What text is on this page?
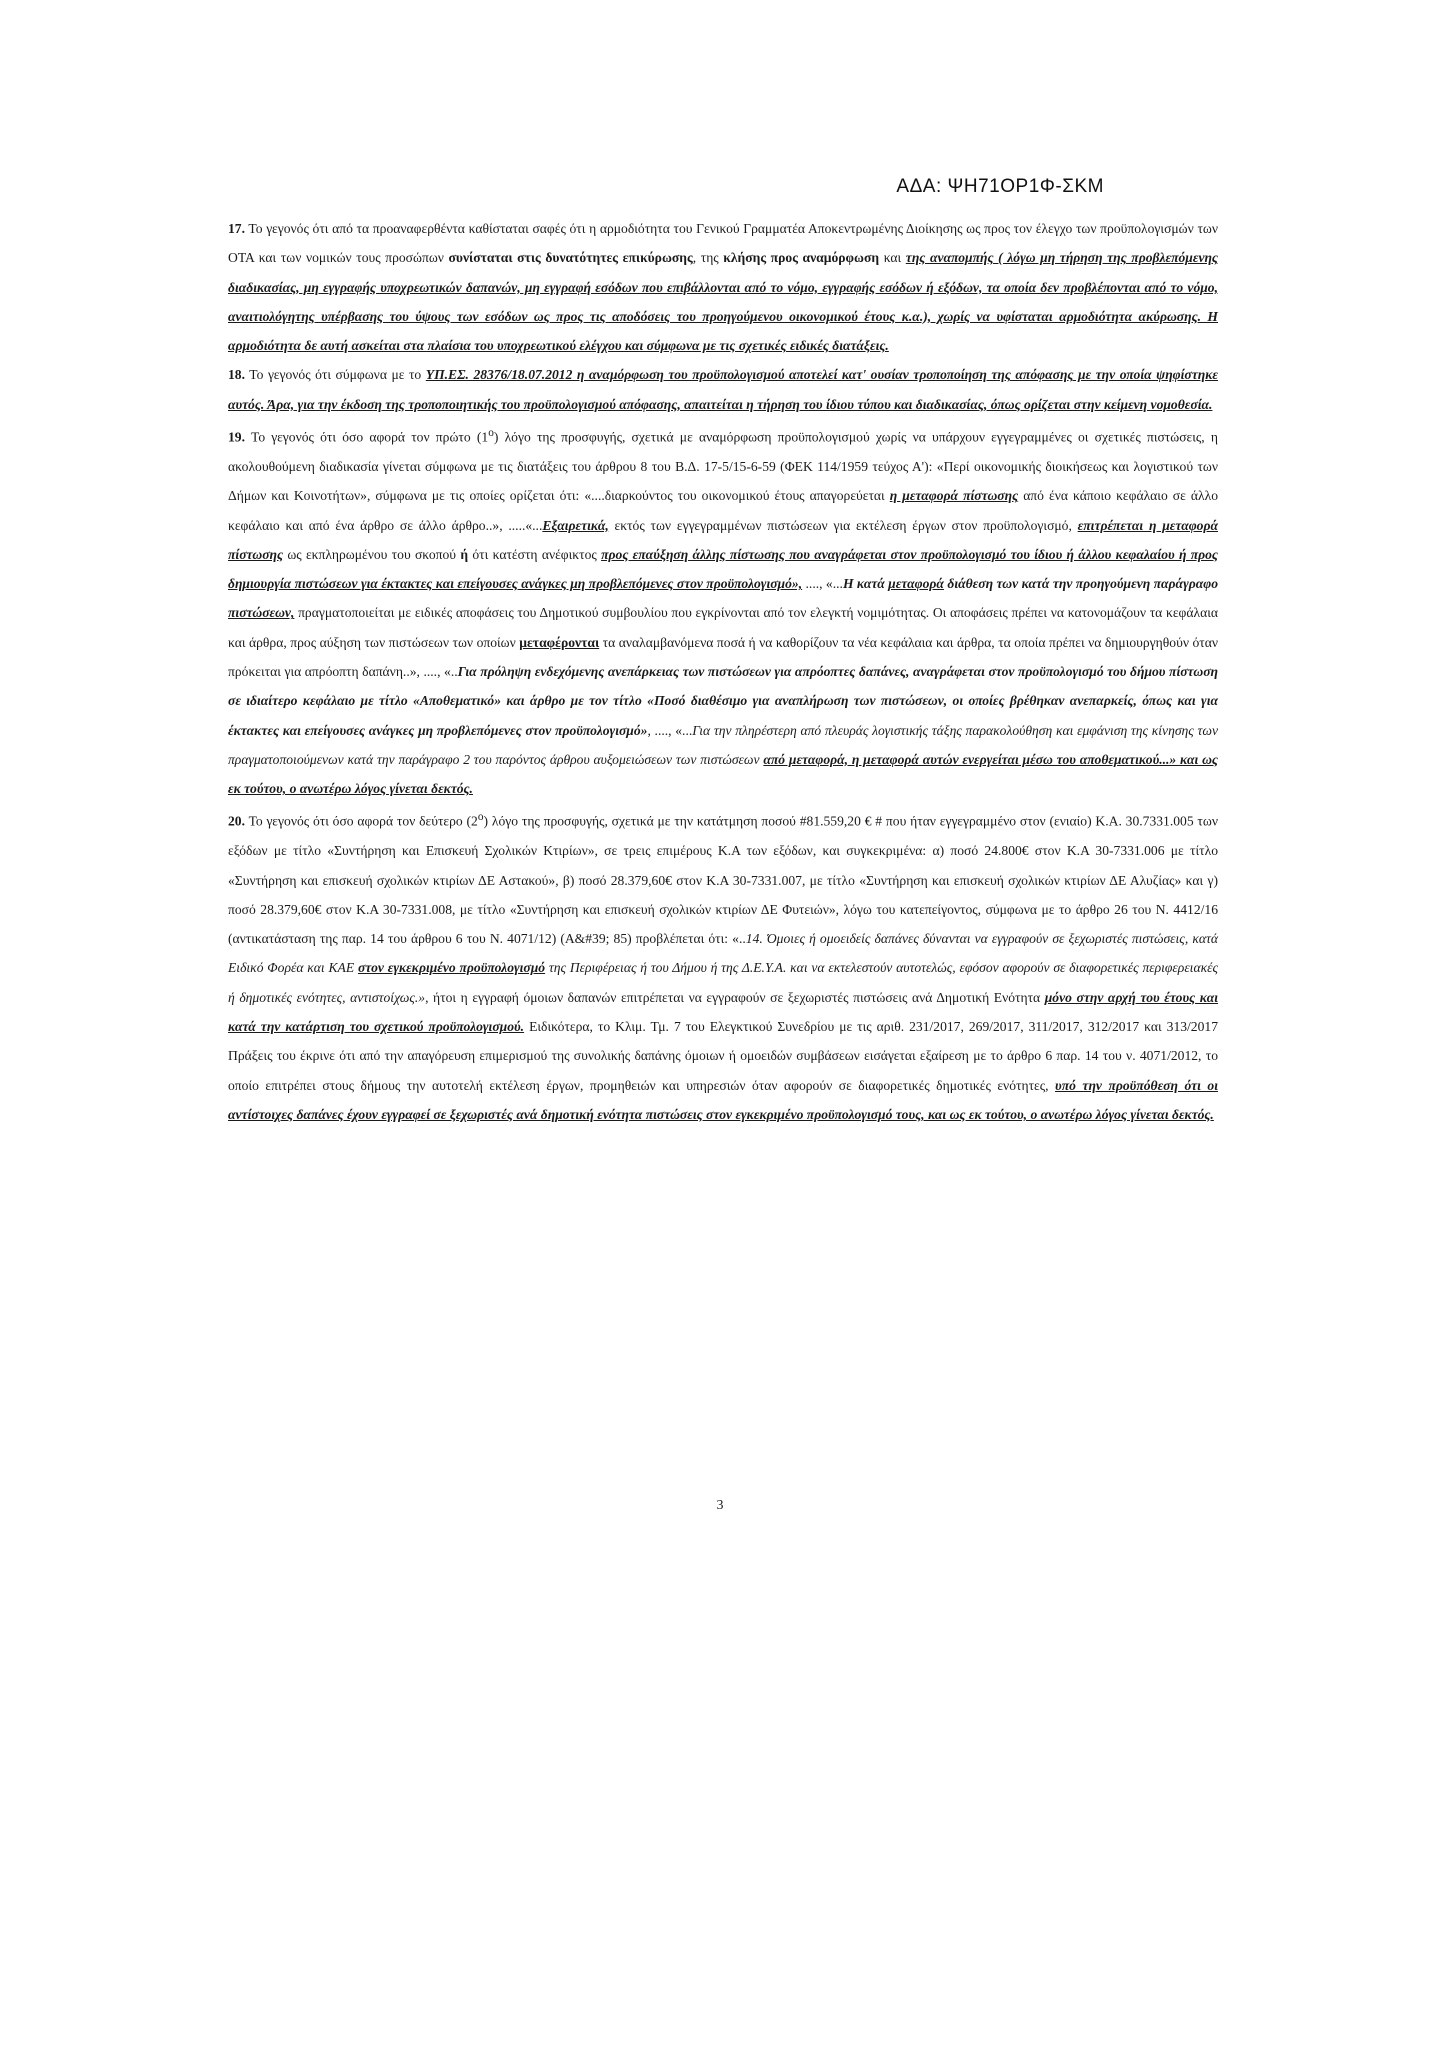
ΑΔΑ: ΨΗ71ΟΡ1Φ-ΣΚΜ

17. Το γεγονός ότι από τα προαναφερθέντα καθίσταται σαφές ότι η αρμοδιότητα του Γενικού Γραμματέα Αποκεντρωμένης Διοίκησης ως προς τον έλεγχο των προϋπολογισμών των ΟΤΑ και των νομικών τους προσώπων συνίσταται στις δυνατότητες επικύρωσης, της κλήσης προς αναμόρφωση και της αναπομπής ( λόγω μη τήρηση της προβλεπόμενης διαδικασίας, μη εγγραφής υποχρεωτικών δαπανών, μη εγγραφή εσόδων που επιβάλλονται από το νόμο, εγγραφής εσόδων ή εξόδων, τα οποία δεν προβλέπονται από το νόμο, αναιτιολόγητης υπέρβασης του ύψους των εσόδων ως προς τις αποδόσεις του προηγούμενου οικονομικού έτους κ.α.), χωρίς να υφίσταται αρμοδιότητα ακύρωσης. Η αρμοδιότητα δε αυτή ασκείται στα πλαίσια του υποχρεωτικού ελέγχου και σύμφωνα με τις σχετικές ειδικές διατάξεις.

18. Το γεγονός ότι σύμφωνα με το ΥΠ.ΕΣ. 28376/18.07.2012 η αναμόρφωση του προϋπολογισμού αποτελεί κατ' ουσίαν τροποποίηση της απόφασης με την οποία ψηφίστηκε αυτός. Άρα, για την έκδοση της τροποποιητικής του προϋπολογισμού απόφασης, απαιτείται η τήρηση του ίδιου τύπου και διαδικασίας, όπως ορίζεται στην κείμενη νομοθεσία.

19. Το γεγονός ότι όσο αφορά τον πρώτο $(1^o)$ λόγο της προσφυγής, σχετικά με αναμόρφωση προϋπολογισμού χωρίς να υπάρχουν εγγεγραμμένες οι σχετικές πιστώσεις, η ακολουθούμενη διαδικασία γίνεται σύμφωνα με τις διατάξεις του άρθρου 8 του Β.Δ. 17-5/15-6-59 (ΦΕΚ 114/1959 τεύχος Α'): «Περί οικονομικής διοικήσεως και λογιστικού των Δήμων και Κοινοτήτων», σύμφωνα με τις οποίες ορίζεται ότι: «....διαρκούντος του οικονομικού έτους απαγορεύεται η μεταφορά πίστωσης από ένα κάποιο κεφάλαιο σε άλλο κεφάλαιο και από ένα άρθρο σε άλλο άρθρο..», .....«...Εξαιρετικά, εκτός των εγγεγραμμένων πιστώσεων για εκτέλεση έργων στον προϋπολογισμό, επιτρέπεται η μεταφορά πίστωσης ως εκπληρωμένου του σκοπού ή ότι κατέστη ανέφικτος προς επαύξηση άλλης πίστωσης που αναγράφεται στον προϋπολογισμό του ίδιου ή άλλου κεφαλαίου ή προς δημιουργία πιστώσεων για έκτακτες και επείγουσες ανάγκες μη προβλεπόμενες στον προϋπολογισμό», ...., «...Η κατά μεταφορά διάθεση των κατά την προηγούμενη παράγραφο πιστώσεων, πραγματοποιείται με ειδικές αποφάσεις του Δημοτικού συμβουλίου που εγκρίνονται από τον ελεγκτή νομιμότητας. Οι αποφάσεις πρέπει να κατονομάζουν τα κεφάλαια και άρθρα, προς αύξηση των πιστώσεων των οποίων μεταφέρονται τα αναλαμβανόμενα ποσά ή να καθορίζουν τα νέα κεφάλαια και άρθρα, τα οποία πρέπει να δημιουργηθούν όταν πρόκειται για απρόοπτη δαπάνη..», ...., «..Για πρόληψη ενδεχόμενης ανεπάρκειας των πιστώσεων για απρόοπτες δαπάνες, αναγράφεται στον προϋπολογισμό του δήμου πίστωση σε ιδιαίτερο κεφάλαιο με τίτλο «Αποθεματικό» και άρθρο με τον τίτλο «Ποσό διαθέσιμο για αναπλήρωση των πιστώσεων, οι οποίες βρέθηκαν ανεπαρκείς, όπως και για έκτακτες και επείγουσες ανάγκες μη προβλεπόμενες στον προϋπολογισμό», ...., «...Για την πληρέστερη από πλευράς λογιστικής τάξης παρακολούθηση και εμφάνιση της κίνησης των πραγματοποιούμενων κατά την παράγραφο 2 του παρόντος άρθρου αυξομειώσεων των πιστώσεων από μεταφορά, η μεταφορά αυτών ενεργείται μέσω του αποθεματικού...» και ως εκ τούτου, ο ανωτέρω λόγος γίνεται δεκτός.

20. Το γεγονός ότι όσο αφορά τον δεύτερο $(2^o)$ λόγο της προσφυγής, σχετικά με την κατάτμηση ποσού #81.559,20 € # που ήταν εγγεγραμμένο στον (ενιαίο) Κ.Α. 30.7331.005 των εξόδων με τίτλο «Συντήρηση και Επισκευή Σχολικών Κτιρίων», σε τρεις επιμέρους Κ.Α των εξόδων, και συγκεκριμένα: α) ποσό 24.800€ στον Κ.Α 30-7331.006 με τίτλο «Συντήρηση και επισκευή σχολικών κτιρίων ΔΕ Αστακού», β) ποσό 28.379,60€ στον Κ.Α 30-7331.007, με τίτλο «Συντήρηση και επισκευή σχολικών κτιρίων ΔΕ Αλυζίας» και γ) ποσό 28.379,60€ στον Κ.Α 30-7331.008, με τίτλο «Συντήρηση και επισκευή σχολικών κτιρίων ΔΕ Φυτειών», λόγω του κατεπείγοντος, σύμφωνα με το άρθρο 26 του Ν. 4412/16 (αντικατάσταση της παρ. 14 του άρθρου 6 του Ν. 4071/12) (A&#39; 85) προβλέπεται ότι: «..14. Όμοιες ή ομοειδείς δαπάνες δύνανται να εγγραφούν σε ξεχωριστές πιστώσεις, κατά Ειδικό Φορέα και ΚΑΕ στον εγκεκριμένο προϋπολογισμό της Περιφέρειας ή του Δήμου ή της Δ.Ε.Υ.Α. και να εκτελεστούν αυτοτελώς, εφόσον αφορούν σε διαφορετικές περιφερειακές ή δημοτικές ενότητες, αντιστοίχως.», ήτοι η εγγραφή όμοιων δαπανών επιτρέπεται να εγγραφούν σε ξεχωριστές πιστώσεις ανά Δημοτική Ενότητα μόνο στην αρχή του έτους και κατά την κατάρτιση του σχετικού προϋπολογισμού. Ειδικότερα, το Κλιμ. Τμ. 7 του Ελεγκτικού Συνεδρίου με τις αριθ. 231/2017, 269/2017, 311/2017, 312/2017 και 313/2017 Πράξεις του έκρινε ότι από την απαγόρευση επιμερισμού της συνολικής δαπάνης όμοιων ή ομοειδών συμβάσεων εισάγεται εξαίρεση με το άρθρο 6 παρ. 14 του ν. 4071/2012, το οποίο επιτρέπει στους δήμους την αυτοτελή εκτέλεση έργων, προμηθειών και υπηρεσιών όταν αφορούν σε διαφορετικές δημοτικές ενότητες, υπό την προϋπόθεση ότι οι αντίστοιχες δαπάνες έχουν εγγραφεί σε ξεχωριστές ανά δημοτική ενότητα πιστώσεις στον εγκεκριμένο προϋπολογισμό τους, και ως εκ τούτου, ο ανωτέρω λόγος γίνεται δεκτός.

3
